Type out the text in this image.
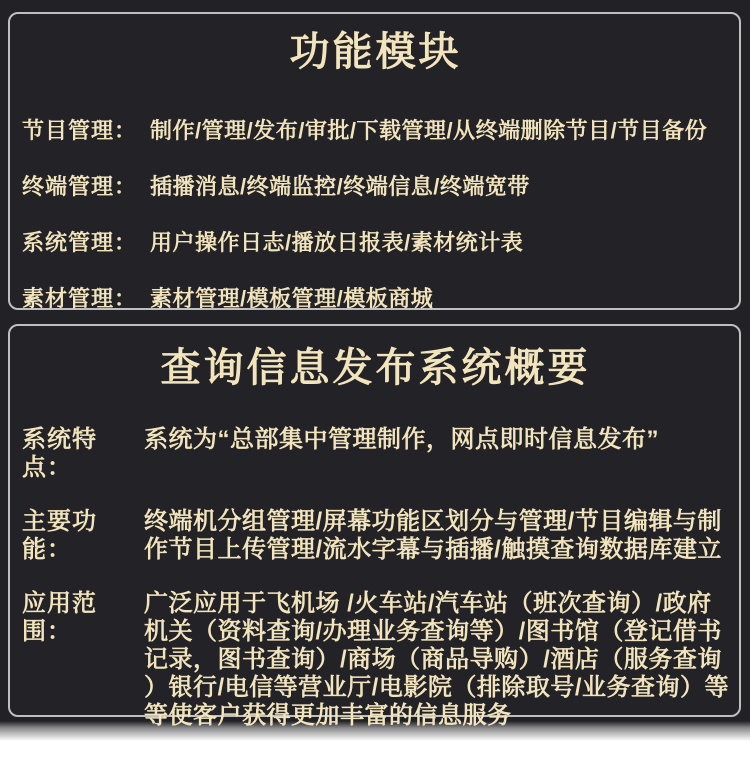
功能模块
节目管理： 制作/管理/发布/审批/下载管理/从终端删除节目/节目备份
终端管理： 插播消息/终端监控/终端信息/终端宽带
系统管理： 用户操作日志/播放日报表/素材统计表
素材管理： 素材管理/模板管理/模板商城
查询信息发布系统概要
系统特点：
系统为“总部集中管理制作，网点即时信息发布”
主要功能：
终端机分组管理/屏幕功能区划分与管理/节目编辑与制作节目上传管理/流水字幕与插播/触摸查询数据库建立
应用范围：
广泛应用于飞机场 /火车站/汽车站（班次查询）/政府机关（资料查询/办理业务查询等）/图书馆（登记借书记录，图书查询）/商场（商品导购）/酒店（服务查询）银行/电信等营业厅/电影院（排除取号/业务查询）等等使客户获得更加丰富的信息服务
